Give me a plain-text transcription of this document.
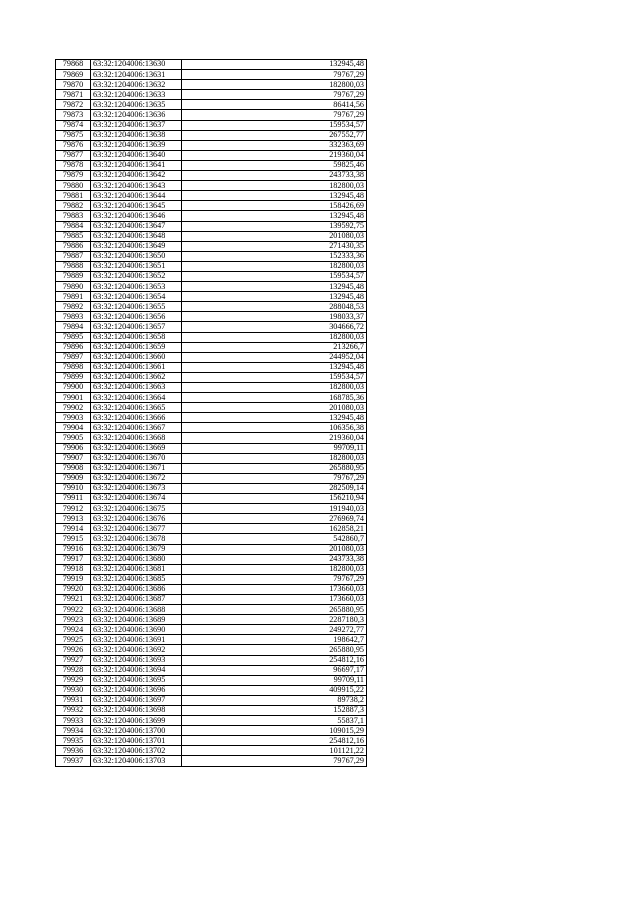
79868	63:32:1204006:13630	132945,48
79869	63:32:1204006:13631	79767,29
79870	63:32:1204006:13632	182800,03
79871	63:32:1204006:13633	79767,29
79872	63:32:1204006:13635	86414,56
79873	63:32:1204006:13636	79767,29
79874	63:32:1204006:13637	159534,57
79875	63:32:1204006:13638	267552,77
79876	63:32:1204006:13639	332363,69
79877	63:32:1204006:13640	219360,04
79878	63:32:1204006:13641	59825,46
79879	63:32:1204006:13642	243733,38
79880	63:32:1204006:13643	182800,03
79881	63:32:1204006:13644	132945,48
79882	63:32:1204006:13645	158426,69
79883	63:32:1204006:13646	132945,48
79884	63:32:1204006:13647	139592,75
79885	63:32:1204006:13648	201080,03
79886	63:32:1204006:13649	271430,35
79887	63:32:1204006:13650	152333,36
79888	63:32:1204006:13651	182800,03
79889	63:32:1204006:13652	159534,57
79890	63:32:1204006:13653	132945,48
79891	63:32:1204006:13654	132945,48
79892	63:32:1204006:13655	288048,53
79893	63:32:1204006:13656	198033,37
79894	63:32:1204006:13657	304666,72
79895	63:32:1204006:13658	182800,03
79896	63:32:1204006:13659	213266,7
79897	63:32:1204006:13660	244952,04
79898	63:32:1204006:13661	132945,48
79899	63:32:1204006:13662	159534,57
79900	63:32:1204006:13663	182800,03
79901	63:32:1204006:13664	168785,36
79902	63:32:1204006:13665	201080,03
79903	63:32:1204006:13666	132945,48
79904	63:32:1204006:13667	106356,38
79905	63:32:1204006:13668	219360,04
79906	63:32:1204006:13669	99709,11
79907	63:32:1204006:13670	182800,03
79908	63:32:1204006:13671	265880,95
79909	63:32:1204006:13672	79767,29
79910	63:32:1204006:13673	282509,14
79911	63:32:1204006:13674	156210,94
79912	63:32:1204006:13675	191940,03
79913	63:32:1204006:13676	276969,74
79914	63:32:1204006:13677	162858,21
79915	63:32:1204006:13678	542860,7
79916	63:32:1204006:13679	201080,03
79917	63:32:1204006:13680	243733,38
79918	63:32:1204006:13681	182800,03
79919	63:32:1204006:13685	79767,29
79920	63:32:1204006:13686	173660,03
79921	63:32:1204006:13687	173660,03
79922	63:32:1204006:13688	265880,95
79923	63:32:1204006:13689	2287180,3
79924	63:32:1204006:13690	249272,77
79925	63:32:1204006:13691	198642,7
79926	63:32:1204006:13692	265880,95
79927	63:32:1204006:13693	254812,16
79928	63:32:1204006:13694	96697,17
79929	63:32:1204006:13695	99709,11
79930	63:32:1204006:13696	409915,22
79931	63:32:1204006:13697	89738,2
79932	63:32:1204006:13698	152887,3
79933	63:32:1204006:13699	55837,1
79934	63:32:1204006:13700	109015,29
79935	63:32:1204006:13701	254812,16
79936	63:32:1204006:13702	101121,22
79937	63:32:1204006:13703	79767,29
